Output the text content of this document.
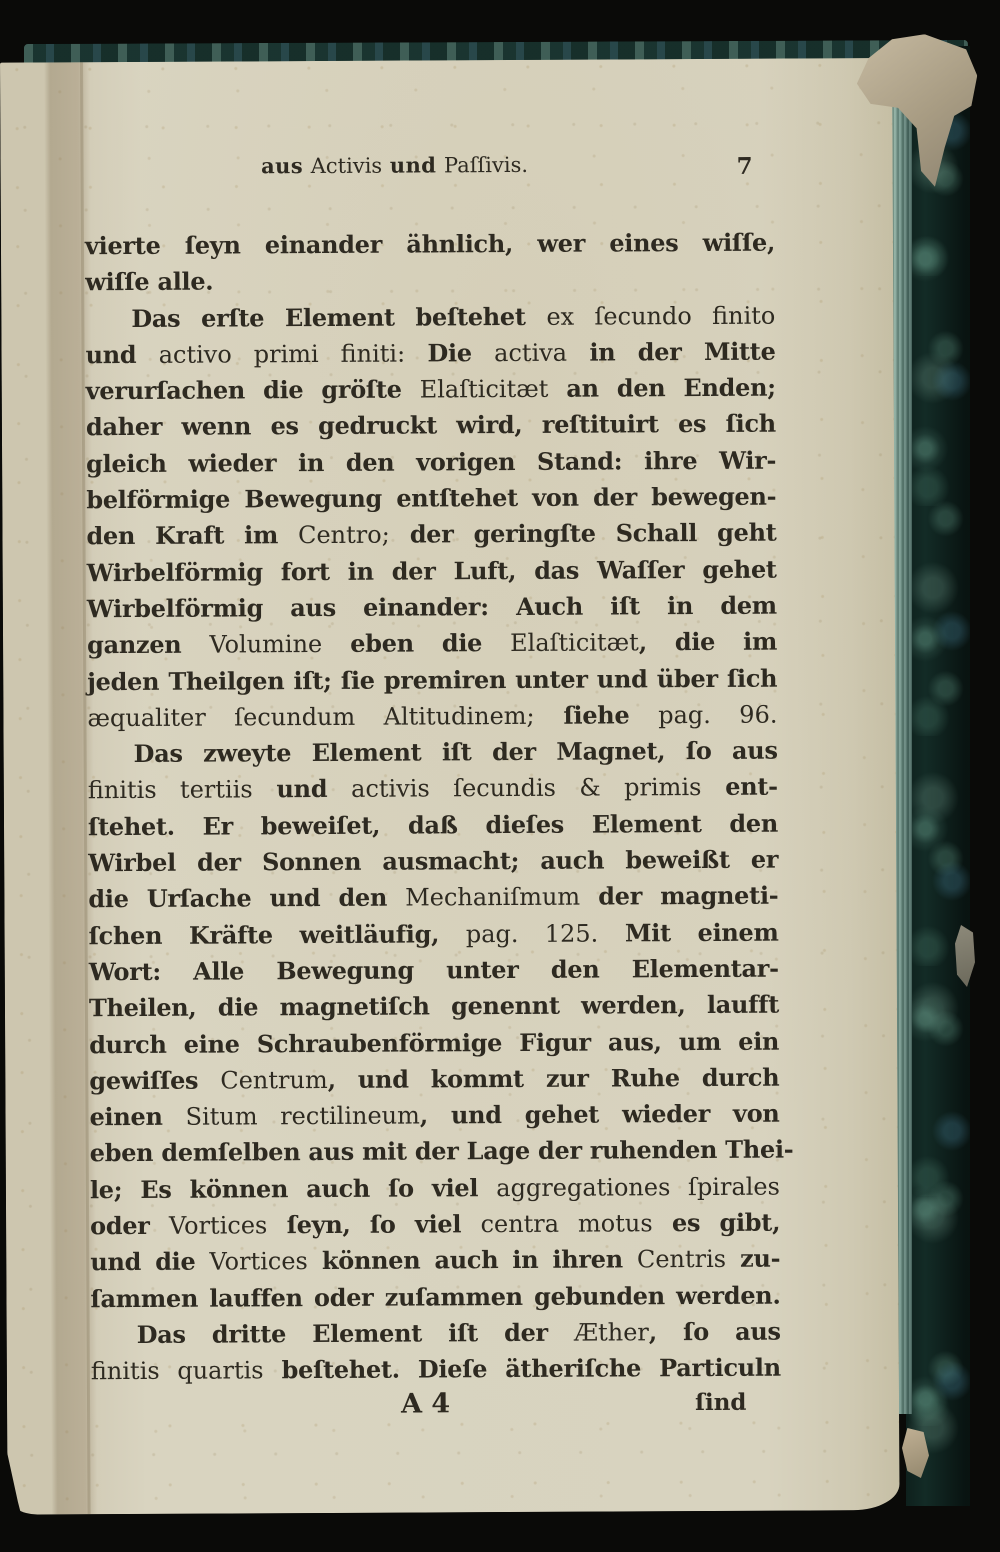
aus Activis und Paſſivis.	7
vierte ſeyn einander ähnlich, wer eines wiſſe,
wiſſe alle.
Das erſte Element beſtehet ex ſecundo finito
und activo primi finiti: Die activa in der Mitte
verurſachen die gröſte Elaſticitæt an den Enden;
daher wenn es gedruckt wird, reſtituirt es ſich
gleich wieder in den vorigen Stand: ihre Wir-
belförmige Bewegung entſtehet von der bewegen-
den Kraft im Centro; der geringſte Schall geht
Wirbelförmig fort in der Luft, das Waſſer gehet
Wirbelförmig aus einander: Auch iſt in dem
ganzen Volumine eben die Elaſticitæt, die im
jeden Theilgen iſt; ſie premiren unter und über ſich
æqualiter ſecundum Altitudinem; ſiehe pag. 96.
Das zweyte Element iſt der Magnet, ſo aus
finitis tertiis und activis ſecundis & primis ent-
ſtehet. Er beweiſet, daß dieſes Element den
Wirbel der Sonnen ausmacht; auch beweißt er
die Urſache und den Mechaniſmum der magneti-
ſchen Kräfte weitläufig, pag. 125. Mit einem
Wort: Alle Bewegung unter den Elementar-
Theilen, die magnetiſch genennt werden, laufft
durch eine Schraubenförmige Figur aus, um ein
gewiſſes Centrum, und kommt zur Ruhe durch
einen Situm rectilineum, und gehet wieder von
eben demſelben aus mit der Lage der ruhenden Thei-
le; Es können auch ſo viel aggregationes ſpirales
oder Vortices ſeyn, ſo viel centra motus es gibt,
und die Vortices können auch in ihren Centris zu-
ſammen lauffen oder zuſammen gebunden werden.
Das dritte Element iſt der Æther, ſo aus
finitis quartis beſtehet. Dieſe ätheriſche Particuln
A 4	ſind
